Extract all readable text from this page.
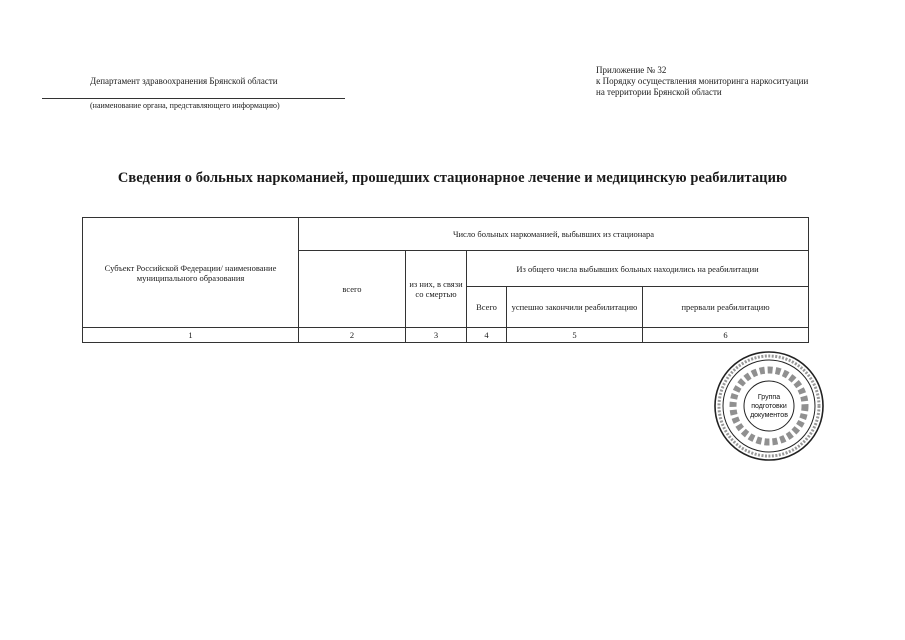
Департамент здравоохранения Брянской области
(наименование органа, представляющего информацию)
Приложение № 32
к Порядку осуществления мониторинга наркоситуации
на территории Брянской области
Сведения о больных наркоманией, прошедших стационарное лечение и медицинскую реабилитацию
Субъект Российской Федерации/ наименование муниципального образования	Число больных наркоманией, выбывших из стационара				
	всего	из них, в связи со смертью	Из общего числа выбывших больных находились на реабилитации		
			Всего	успешно закончили реабилитацию	прервали реабилитацию
1	2	3	4	5	6
Группа
подготовки
документов
